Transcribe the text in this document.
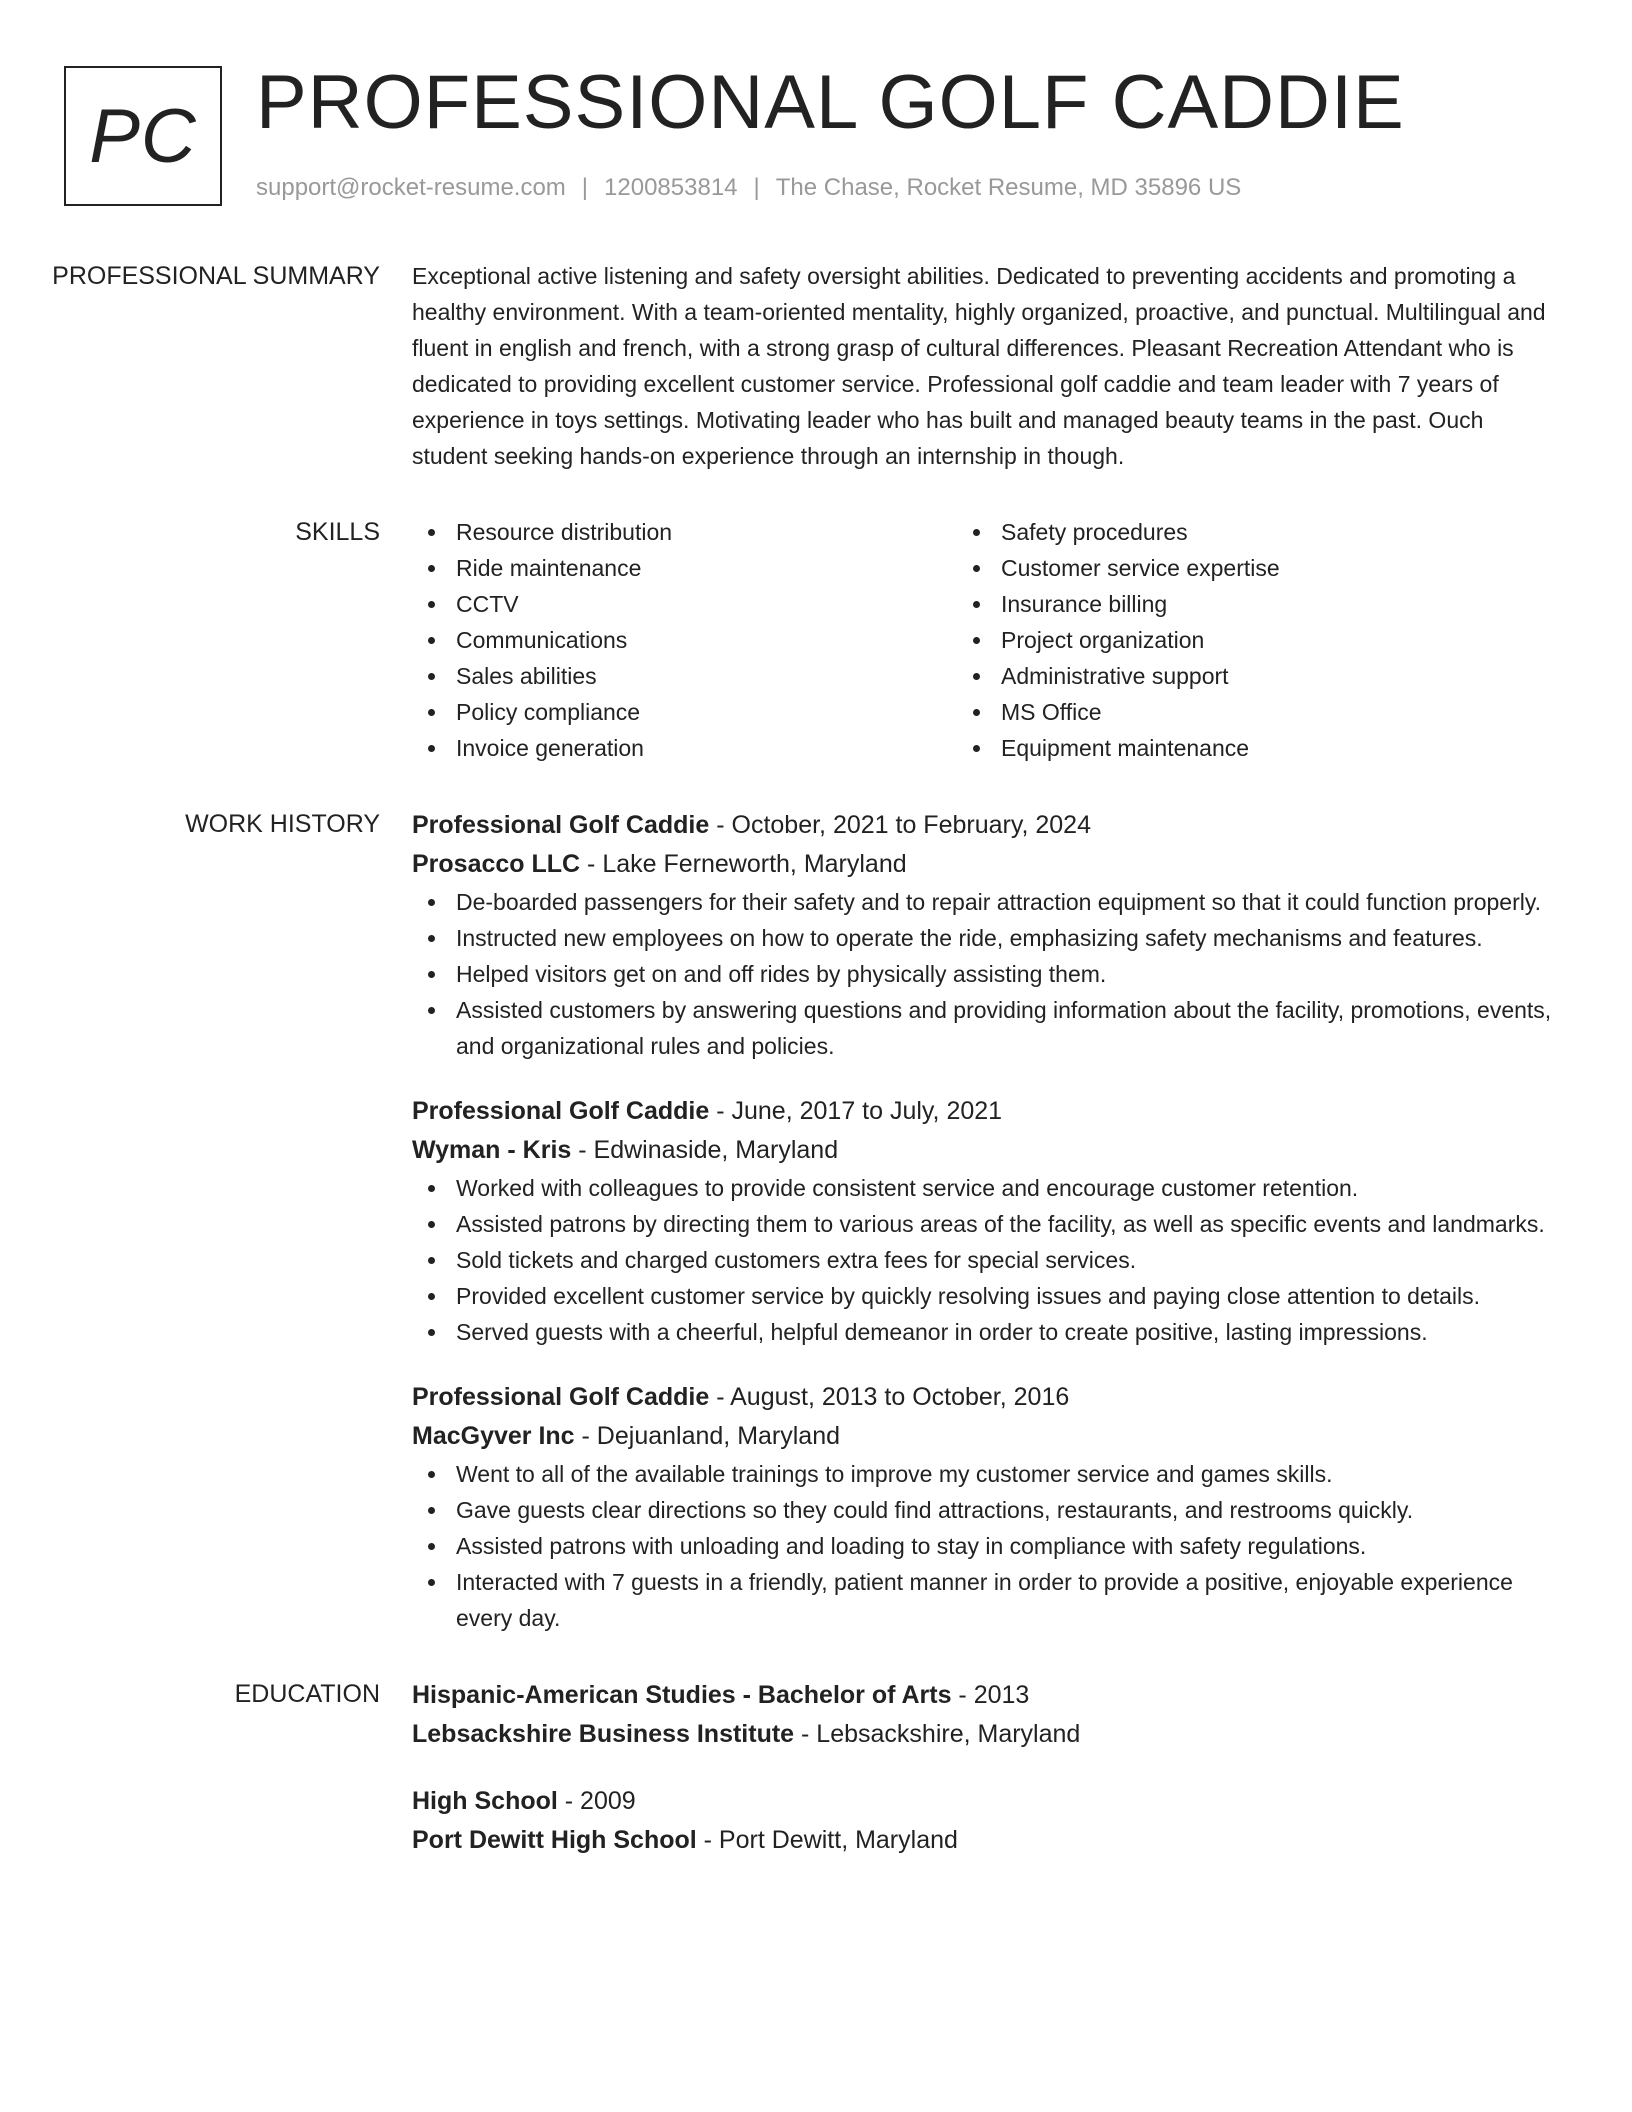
PC PROFESSIONAL GOLF CADDIE
support@rocket-resume.com | 1200853814 | The Chase, Rocket Resume, MD 35896 US
PROFESSIONAL SUMMARY	Exceptional active listening and safety oversight abilities. Dedicated to preventing accidents and promoting a healthy environment. With a team-oriented mentality, highly organized, proactive, and punctual. Multilingual and fluent in english and french, with a strong grasp of cultural differences. Pleasant Recreation Attendant who is dedicated to providing excellent customer service. Professional golf caddie and team leader with 7 years of experience in toys settings. Motivating leader who has built and managed beauty teams in the past. Ouch student seeking hands-on experience through an internship in though.

SKILLS	Resource distribution
Ride maintenance
CCTV
Communications
Sales abilities
Policy compliance
Invoice generation
Safety procedures
Customer service expertise
Insurance billing
Project organization
Administrative support
MS Office
Equipment maintenance
WORK HISTORY	Professional Golf Caddie - October, 2021 to February, 2024
Prosacco LLC - Lake Ferneworth, Maryland
De-boarded passengers for their safety and to repair attraction equipment so that it could function properly.
Instructed new employees on how to operate the ride, emphasizing safety mechanisms and features.
Helped visitors get on and off rides by physically assisting them.
Assisted customers by answering questions and providing information about the facility, promotions, events, and organizational rules and policies.
Professional Golf Caddie - June, 2017 to July, 2021
Wyman - Kris - Edwinaside, Maryland
Worked with colleagues to provide consistent service and encourage customer retention.
Assisted patrons by directing them to various areas of the facility, as well as specific events and landmarks.
Sold tickets and charged customers extra fees for special services.
Provided excellent customer service by quickly resolving issues and paying close attention to details.
Served guests with a cheerful, helpful demeanor in order to create positive, lasting impressions.
Professional Golf Caddie - August, 2013 to October, 2016
MacGyver Inc - Dejuanland, Maryland
Went to all of the available trainings to improve my customer service and games skills.
Gave guests clear directions so they could find attractions, restaurants, and restrooms quickly.
Assisted patrons with unloading and loading to stay in compliance with safety regulations.
Interacted with 7 guests in a friendly, patient manner in order to provide a positive, enjoyable experience every day.
EDUCATION	Hispanic-American Studies - Bachelor of Arts - 2013
Lebsackshire Business Institute - Lebsackshire, Maryland
High School - 2009
Port Dewitt High School - Port Dewitt, Maryland
